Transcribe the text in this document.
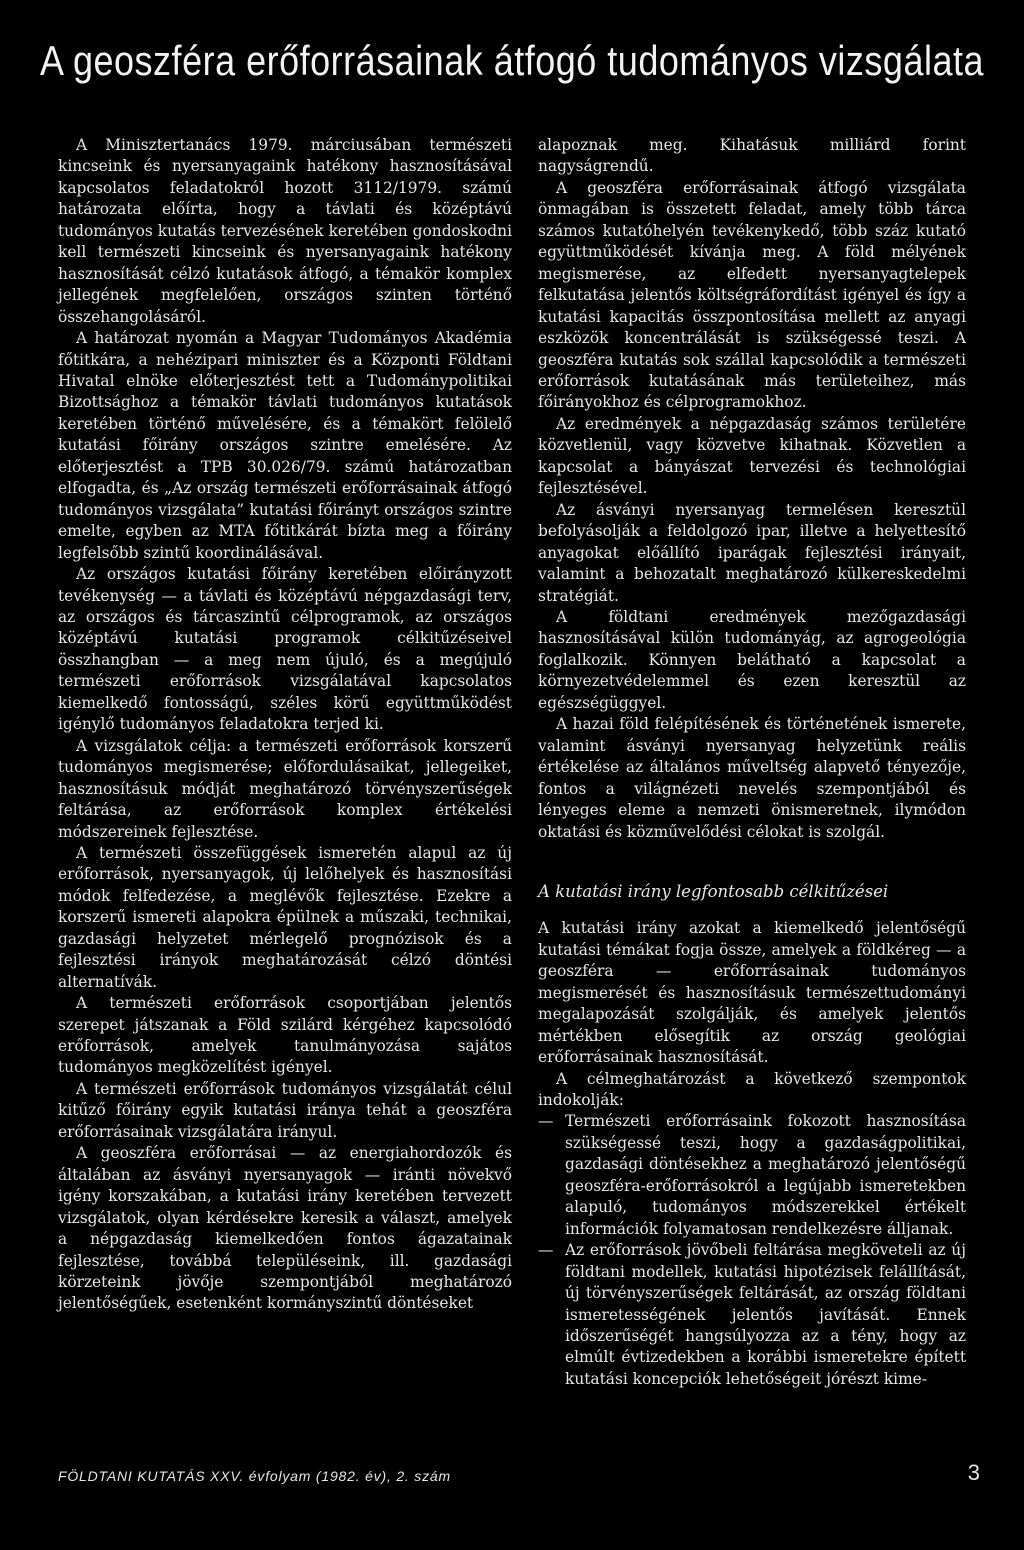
A geoszféra erőforrásainak átfogó tudományos vizsgálata

A Minisztertanács 1979. márciusában természeti kincseink és nyersanyagaink hatékony hasznosításával kapcsolatos feladatokról hozott 3112/1979. számú határozata előírta, hogy a távlati és középtávú tudományos kutatás tervezésének keretében gondoskodni kell természeti kincseink és nyersanyagaink hatékony hasznosítását célzó kutatások átfogó, a témakör komplex jellegének megfelelően, országos szinten történő összehangolásáról.

A határozat nyomán a Magyar Tudományos Akadémia főtitkára, a nehézipari miniszter és a Központi Földtani Hivatal elnöke előterjesztést tett a Tudománypolitikai Bizottsághoz a témakör távlati tudományos kutatások keretében történő művelésére, és a témakört felölelő kutatási főirány országos szintre emelésére. Az előterjesztést a TPB 30.026/79. számú határozatban elfogadta, és „Az ország természeti erőforrásainak átfogó tudományos vizsgálata” kutatási főirányt országos szintre emelte, egyben az MTA főtitkárát bízta meg a főirány legfelsőbb szintű koordinálásával.

Az országos kutatási főirány keretében előirányzott tevékenység — a távlati és középtávú népgazdasági terv, az országos és tárcaszintű célprogramok, az országos középtávú kutatási programok célkitűzéseivel összhangban — a meg nem újuló, és a megújuló természeti erőforrások vizsgálatával kapcsolatos kiemelkedő fontosságú, széles körű együttműködést igénylő tudományos feladatokra terjed ki.

A vizsgálatok célja: a természeti erőforrások korszerű tudományos megismerése; előfordulásaikat, jellegeiket, hasznosításuk módját meghatározó törvényszerűségek feltárása, az erőforrások komplex értékelési módszereinek fejlesztése.

A természeti összefüggések ismeretén alapul az új erőforrások, nyersanyagok, új lelőhelyek és hasznosítási módok felfedezése, a meglévők fejlesztése. Ezekre a korszerű ismereti alapokra épülnek a műszaki, technikai, gazdasági helyzetet mérlegelő prognózisok és a fejlesztési irányok meghatározását célzó döntési alternatívák.

A természeti erőforrások csoportjában jelentős szerepet játszanak a Föld szilárd kérgéhez kapcsolódó erőforrások, amelyek tanulmányozása sajátos tudományos megközelítést igényel.

A természeti erőforrások tudományos vizsgálatát célul kitűző főirány egyik kutatási iránya tehát a geoszféra erőforrásainak vizsgálatára irányul.

A geoszféra erőforrásai — az energiahordozók és általában az ásványi nyersanyagok — iránti növekvő igény korszakában, a kutatási irány keretében tervezett vizsgálatok, olyan kérdésekre keresik a választ, amelyek a népgazdaság kiemelkedően fontos ágazatainak fejlesztése, továbbá településeink, ill. gazdasági körzeteink jövője szempontjából meghatározó jelentőségűek, esetenként kormányszintű döntéseket

alapoznak meg. Kihatásuk milliárd forint nagyságrendű.

A geoszféra erőforrásainak átfogó vizsgálata önmagában is összetett feladat, amely több tárca számos kutatóhelyén tevékenykedő, több száz kutató együttműködését kívánja meg. A föld mélyének megismerése, az elfedett nyersanyagtelepek felkutatása jelentős költségráfordítást igényel és így a kutatási kapacitás összpontosítása mellett az anyagi eszközök koncentrálását is szükségessé teszi. A geoszféra kutatás sok szállal kapcsolódik a természeti erőforrások kutatásának más területeihez, más főirányokhoz és célprogramokhoz.

Az eredmények a népgazdaság számos területére közvetlenül, vagy közvetve kihatnak. Közvetlen a kapcsolat a bányászat tervezési és technológiai fejlesztésével.

Az ásványi nyersanyag termelésen keresztül befolyásolják a feldolgozó ipar, illetve a helyettesítő anyagokat előállító iparágak fejlesztési irányait, valamint a behozatalt meghatározó külkereskedelmi stratégiát.

A földtani eredmények mezőgazdasági hasznosításával külön tudományág, az agrogeológia foglalkozik. Könnyen belátható a kapcsolat a környezetvédelemmel és ezen keresztül az egészségüggyel.

A hazai föld felépítésének és történetének ismerete, valamint ásványi nyersanyag helyzetünk reális értékelése az általános műveltség alapvető tényezője, fontos a világnézeti nevelés szempontjából és lényeges eleme a nemzeti önismeretnek, ilymódon oktatási és közművelődési célokat is szolgál.

A kutatási irány legfontosabb célkitűzései

A kutatási irány azokat a kiemelkedő jelentőségű kutatási témákat fogja össze, amelyek a földkéreg — a geoszféra — erőforrásainak tudományos megismerését és hasznosításuk természettudományi megalapozását szolgálják, és amelyek jelentős mértékben elősegítik az ország geológiai erőforrásainak hasznosítását.

A célmeghatározást a következő szempontok indokolják:

— Természeti erőforrásaink fokozott hasznosítása szükségessé teszi, hogy a gazdaságpolitikai, gazdasági döntésekhez a meghatározó jelentőségű geoszféra-erőforrásokról a legújabb ismeretekben alapuló, tudományos módszerekkel értékelt információk folyamatosan rendelkezésre álljanak.
— Az erőforrások jövőbeli feltárása megköveteli az új földtani modellek, kutatási hipotézisek felállítását, új törvényszerűségek feltárását, az ország földtani ismeretességének jelentős javítását. Ennek időszerűségét hangsúlyozza az a tény, hogy az elmúlt évtizedekben a korábbi ismeretekre épített kutatási koncepciók lehetőségeit jórészt kime-
FÖLDTANI KUTATÁS XXV. évfolyam (1982. év), 2. szám	3
